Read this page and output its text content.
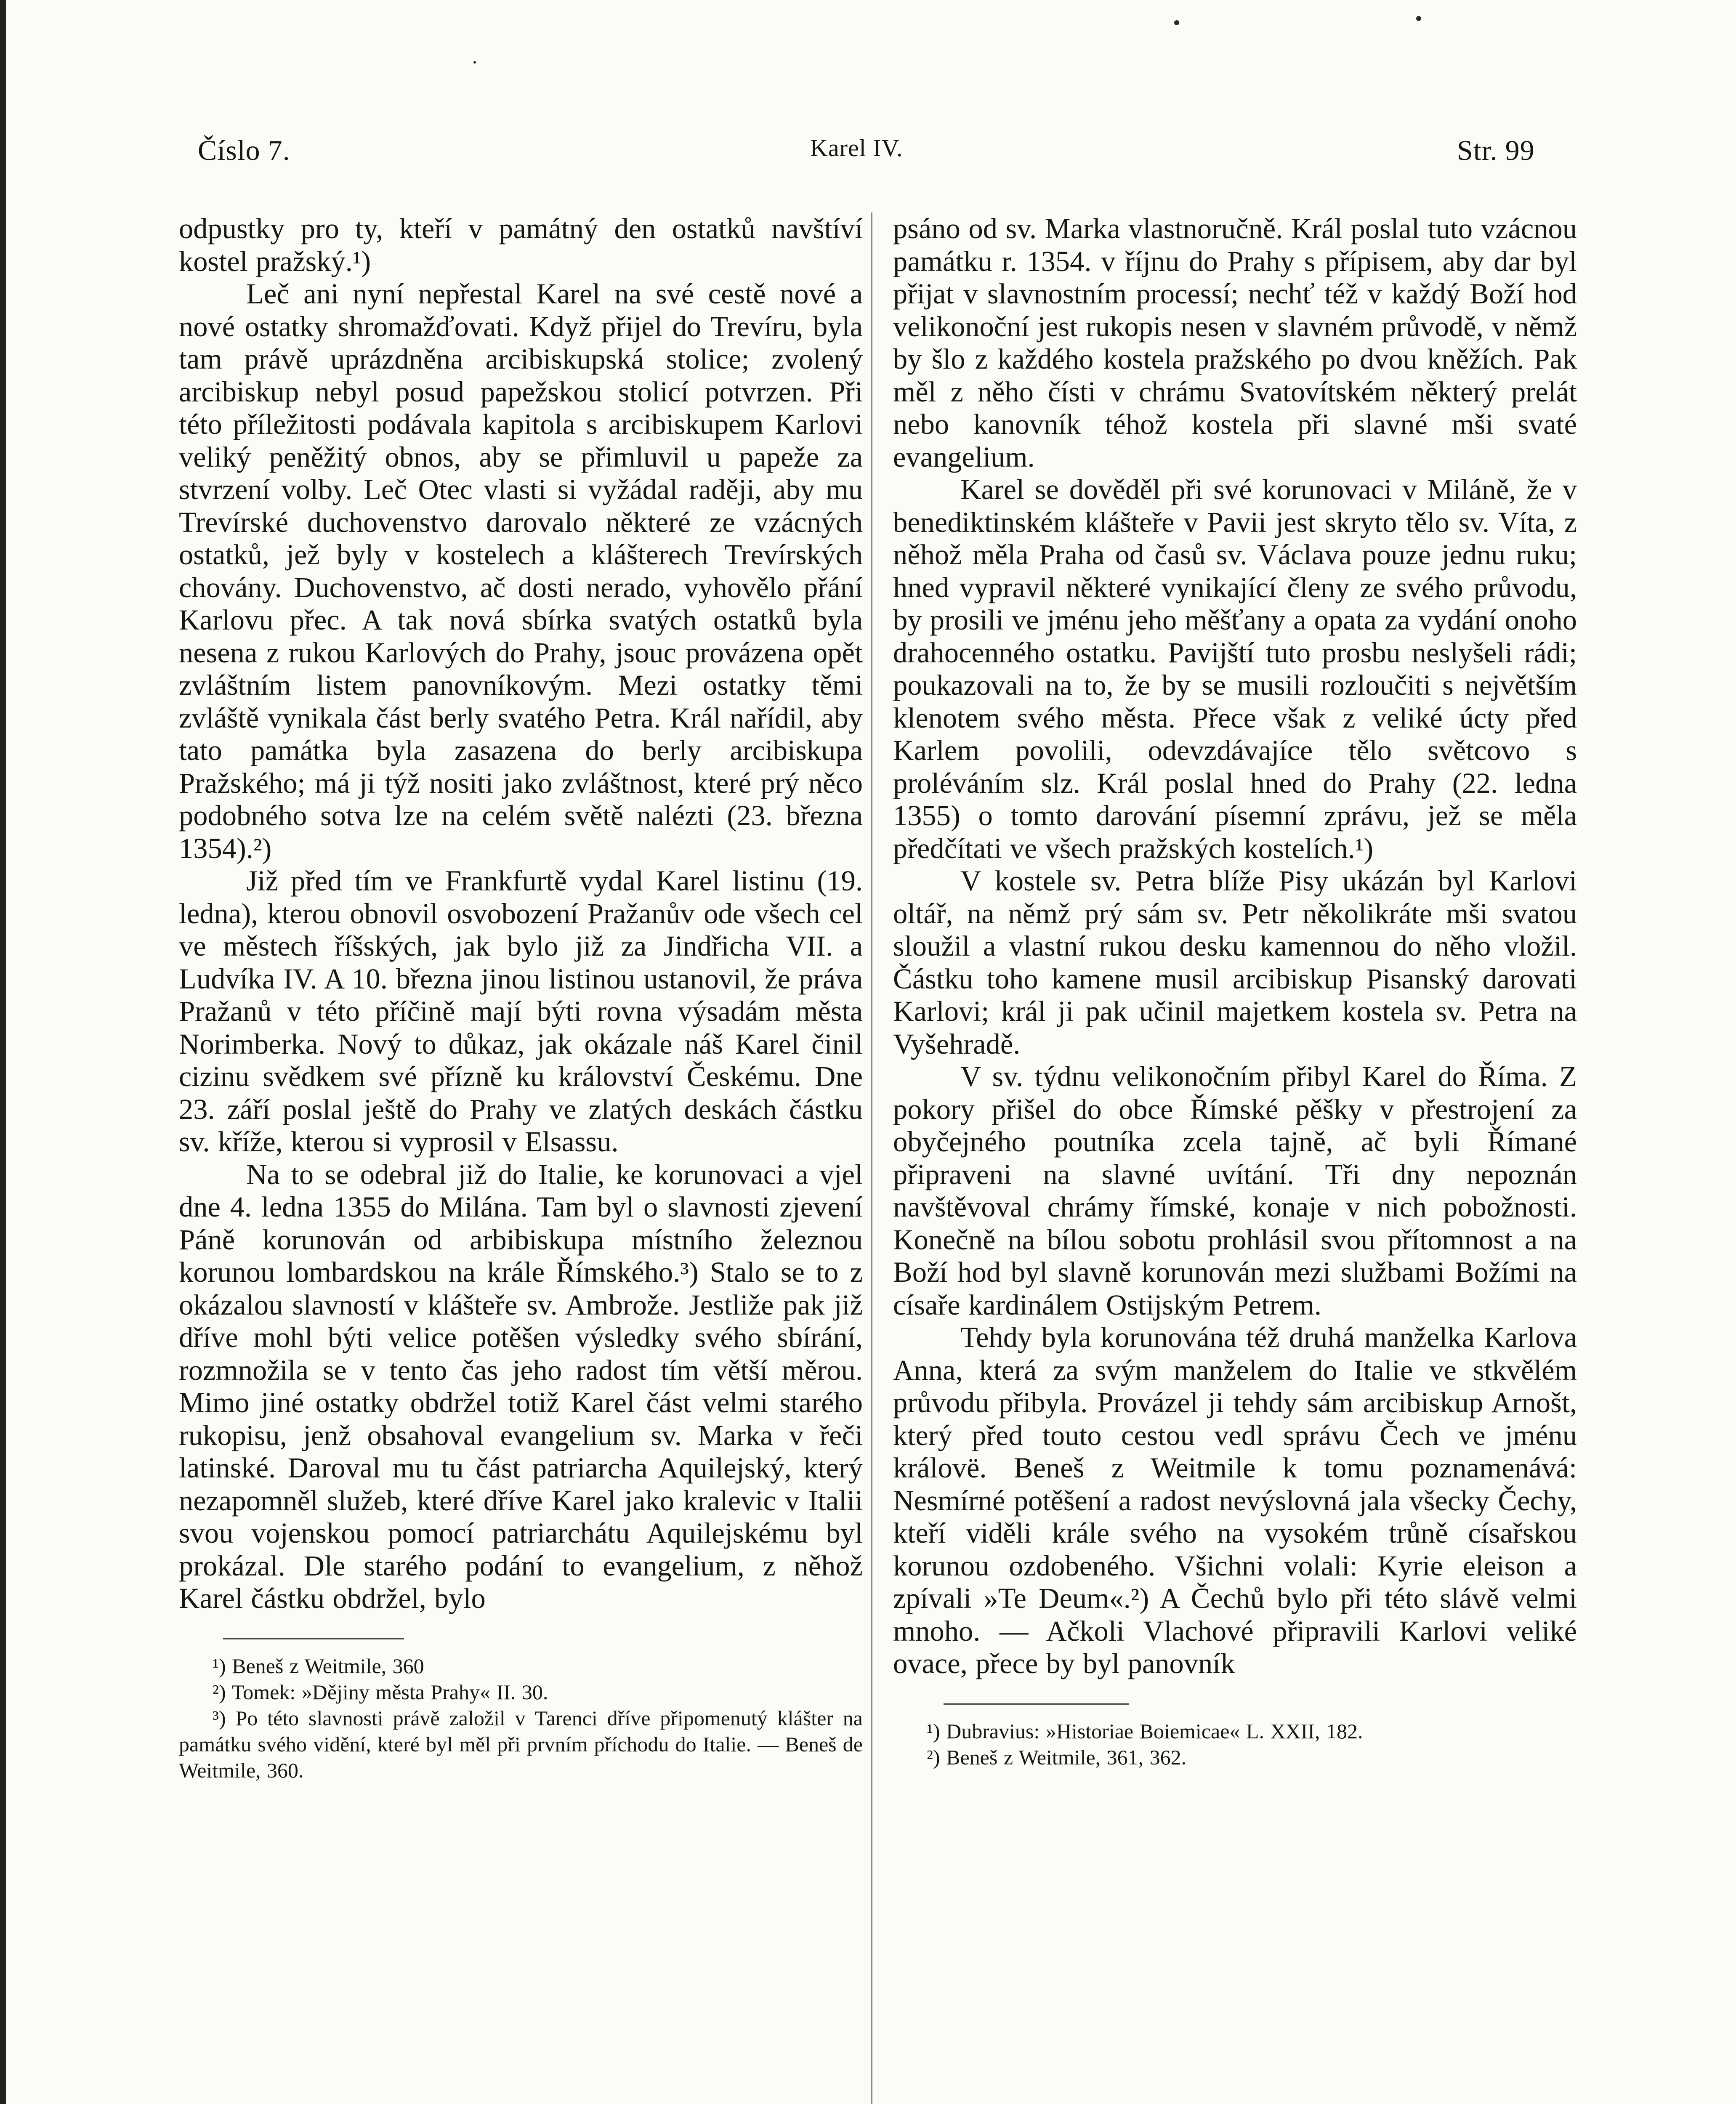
Číslo 7.	Karel IV.	Str. 99

odpustky pro ty, kteří v památný den ostatků navštíví kostel pražský.¹)

Leč ani nyní nepřestal Karel na své cestě nové a nové ostatky shromažďovati. Když přijel do Trevíru, byla tam právě uprázdněna arcibiskupská stolice; zvolený arcibiskup nebyl posud papežskou stolicí potvrzen. Při této příležitosti podávala kapitola s arcibiskupem Karlovi veliký peněžitý obnos, aby se přimluvil u papeže za stvrzení volby. Leč Otec vlasti si vyžádal raději, aby mu Trevírské duchovenstvo darovalo některé ze vzácných ostatků, jež byly v kostelech a klášterech Trevírských chovány. Duchovenstvo, ač dosti nerado, vyhovělo přání Karlovu přec. A tak nová sbírka svatých ostatků byla nesena z rukou Karlových do Prahy, jsouc provázena opět zvláštním listem panovníkovým. Mezi ostatky těmi zvláště vynikala část berly svatého Petra. Král nařídil, aby tato památka byla zasazena do berly arcibiskupa Pražského; má ji týž nositi jako zvláštnost, které prý něco podobného sotva lze na celém světě nalézti (23. března 1354).²)

Již před tím ve Frankfurtě vydal Karel listinu (19. ledna), kterou obnovil osvobození Pražanův ode všech cel ve městech říšských, jak bylo již za Jindřicha VII. a Ludvíka IV. A 10. března jinou listinou ustanovil, že práva Pražanů v této příčině mají býti rovna výsadám města Norimberka. Nový to důkaz, jak okázale náš Karel činil cizinu svědkem své přízně ku království Českému. Dne 23. září poslal ještě do Prahy ve zlatých deskách částku sv. kříže, kterou si vyprosil v Elsassu.

Na to se odebral již do Italie, ke korunovaci a vjel dne 4. ledna 1355 do Milána. Tam byl o slavnosti zjevení Páně korunován od arbibiskupa místního železnou korunou lombardskou na krále Římského.³) Stalo se to z okázalou slavností v klášteře sv. Ambrože. Jestliže pak již dříve mohl býti velice potěšen výsledky svého sbírání, rozmnožila se v tento čas jeho radost tím větší měrou. Mimo jiné ostatky obdržel totiž Karel část velmi starého rukopisu, jenž obsahoval evangelium sv. Marka v řeči latinské. Daroval mu tu část patriarcha Aquilejský, který nezapomněl služeb, které dříve Karel jako kralevic v Italii svou vojenskou pomocí patriarchátu Aquilejskému byl prokázal. Dle starého podání to evangelium, z něhož Karel částku obdržel, bylo

¹) Beneš z Weitmile, 360

²) Tomek: »Dějiny města Prahy« II. 30.

³) Po této slavnosti právě založil v Tarenci dříve připomenutý klášter na památku svého vidění, které byl měl při prvním příchodu do Italie. — Beneš de Weitmile, 360.

psáno od sv. Marka vlastnoručně. Král poslal tuto vzácnou památku r. 1354. v říjnu do Prahy s přípisem, aby dar byl přijat v slavnostním processí; nechť též v každý Boží hod velikonoční jest rukopis nesen v slavném průvodě, v němž by šlo z každého kostela pražského po dvou kněžích. Pak měl z něho čísti v chrámu Svatovítském některý prelát nebo kanovník téhož kostela při slavné mši svaté evangelium.

Karel se dověděl při své korunovaci v Miláně, že v benediktinském klášteře v Pavii jest skryto tělo sv. Víta, z něhož měla Praha od časů sv. Václava pouze jednu ruku; hned vypravil některé vynikající členy ze svého průvodu, by prosili ve jménu jeho měšťany a opata za vydání onoho drahocenného ostatku. Pavijští tuto prosbu neslyšeli rádi; poukazovali na to, že by se musili rozloučiti s největším klenotem svého města. Přece však z veliké úcty před Karlem povolili, odevzdávajíce tělo světcovo s proléváním slz. Král poslal hned do Prahy (22. ledna 1355) o tomto darování písemní zprávu, jež se měla předčítati ve všech pražských kostelích.¹)

V kostele sv. Petra blíže Pisy ukázán byl Karlovi oltář, na němž prý sám sv. Petr několikráte mši svatou sloužil a vlastní rukou desku kamennou do něho vložil. Částku toho kamene musil arcibiskup Pisanský darovati Karlovi; král ji pak učinil majetkem kostela sv. Petra na Vyšehradě.

V sv. týdnu velikonočním přibyl Karel do Říma. Z pokory přišel do obce Římské pěšky v přestrojení za obyčejného poutníka zcela tajně, ač byli Římané připraveni na slavné uvítání. Tři dny nepoznán navštěvoval chrámy římské, konaje v nich pobožnosti. Konečně na bílou sobotu prohlásil svou přítomnost a na Boží hod byl slavně korunován mezi službami Božími na císaře kardinálem Ostijským Petrem.

Tehdy byla korunována též druhá manželka Karlova Anna, která za svým manželem do Italie ve stkvělém průvodu přibyla. Provázel ji tehdy sám arcibiskup Arnošt, který před touto cestou vedl správu Čech ve jménu královë. Beneš z Weitmile k tomu poznamenává: Nesmírné potěšení a radost nevýslovná jala všecky Čechy, kteří viděli krále svého na vysokém trůně císařskou korunou ozdobeného. Všichni volali: Kyrie eleison a zpívali »Te Deum«.²) A Čechů bylo při této slávě velmi mnoho. — Ačkoli Vlachové připravili Karlovi veliké ovace, přece by byl panovník

¹) Dubravius: »Historiae Boiemicae« L. XXII, 182.

²) Beneš z Weitmile, 361, 362.
